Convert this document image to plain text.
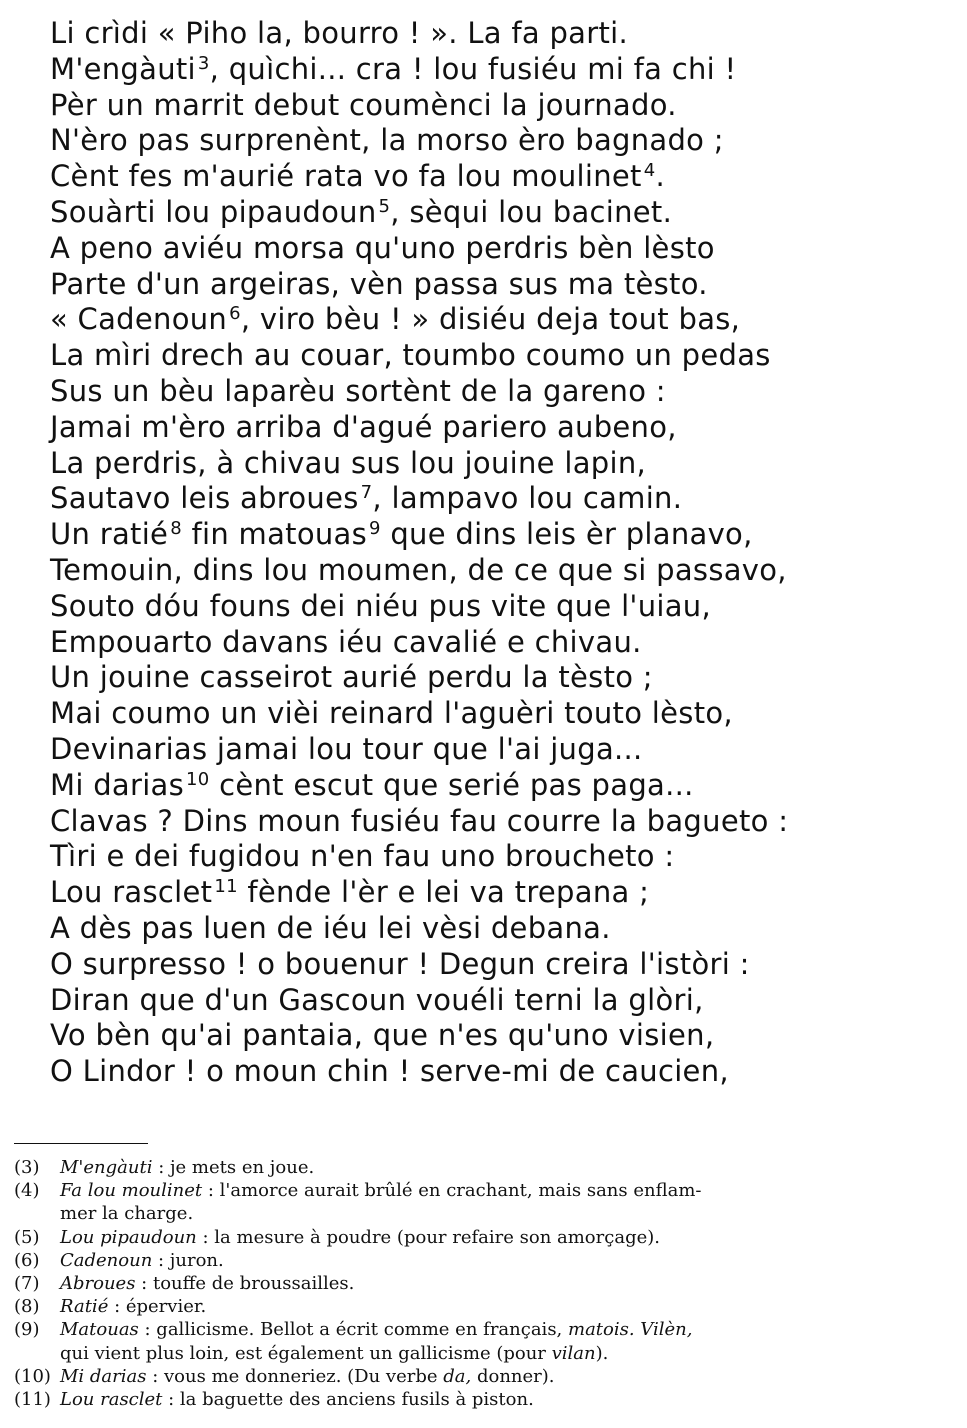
Li crìdi « Piho la, bourro ! ». La fa parti.
M'engàuti $^3$, quìchi... cra ! lou fusiéu mi fa chi !
Pèr un marrit debut coumènci la journado.
N'èro pas surprenènt, la morso èro bagnado ;
Cènt fes m'aurié rata vo fa lou moulinet $^4$.
Souàrti lou pipaudoun $^5$, sèqui lou bacinet.
A peno aviéu morsa qu'uno perdris bèn lèsto
Parte d'un argeiras, vèn passa sus ma tèsto.
« Cadenoun $^6$, viro bèu ! » disiéu deja tout bas,
La mìri drech au couar, toumbo coumo un pedas
Sus un bèu laparèu sortènt de la gareno :
Jamai m'èro arriba d'agué pariero aubeno,
La perdris, à chivau sus lou jouine lapin,
Sautavo leis abroues $^7$, lampavo lou camin.
Un ratié $^8$ fin matouas $^9$ que dins leis èr planavo,
Temouin, dins lou moumen, de ce que si passavo,
Souto dóu founs dei niéu pus vite que l'uiau,
Empouarto davans iéu cavalié e chivau.
Un jouine casseirot aurié perdu la tèsto ;
Mai coumo un vièi reinard l'aguèri touto lèsto,
Devinarias jamai lou tour que l'ai juga...
Mi darias $^{10}$ cènt escut que serié pas paga...
Clavas ? Dins moun fusiéu fau courre la bagueto :
Tìri e dei fugidou n'en fau uno broucheto :
Lou rasclet $^{11}$ fènde l'èr e lei va trepana ;
A dès pas luen de iéu lei vèsi debana.
O surpresso ! o bouenur ! Degun creira l'istòri :
Diran que d'un Gascoun vouéli terni la glòri,
Vo bèn qu'ai pantaia, que n'es qu'uno visien,
O Lindor ! o moun chin ! serve-mi de caucien,
(3)	M'engàuti : je mets en joue.
(4)	Fa lou moulinet : l'amorce aurait brûlé en crachant, mais sans enflam-
mer la charge.
(5)	Lou pipaudoun : la mesure à poudre (pour refaire son amorçage).
(6)	Cadenoun : juron.
(7)	Abroues : touffe de broussailles.
(8)	Ratié : épervier.
(9)	Matouas : gallicisme. Bellot a écrit comme en français, matois. Vilèn,
qui vient plus loin, est également un gallicisme (pour vilan).
(10) Mi darias : vous me donneriez. (Du verbe da, donner).
(11) Lou rasclet : la baguette des anciens fusils à piston.
